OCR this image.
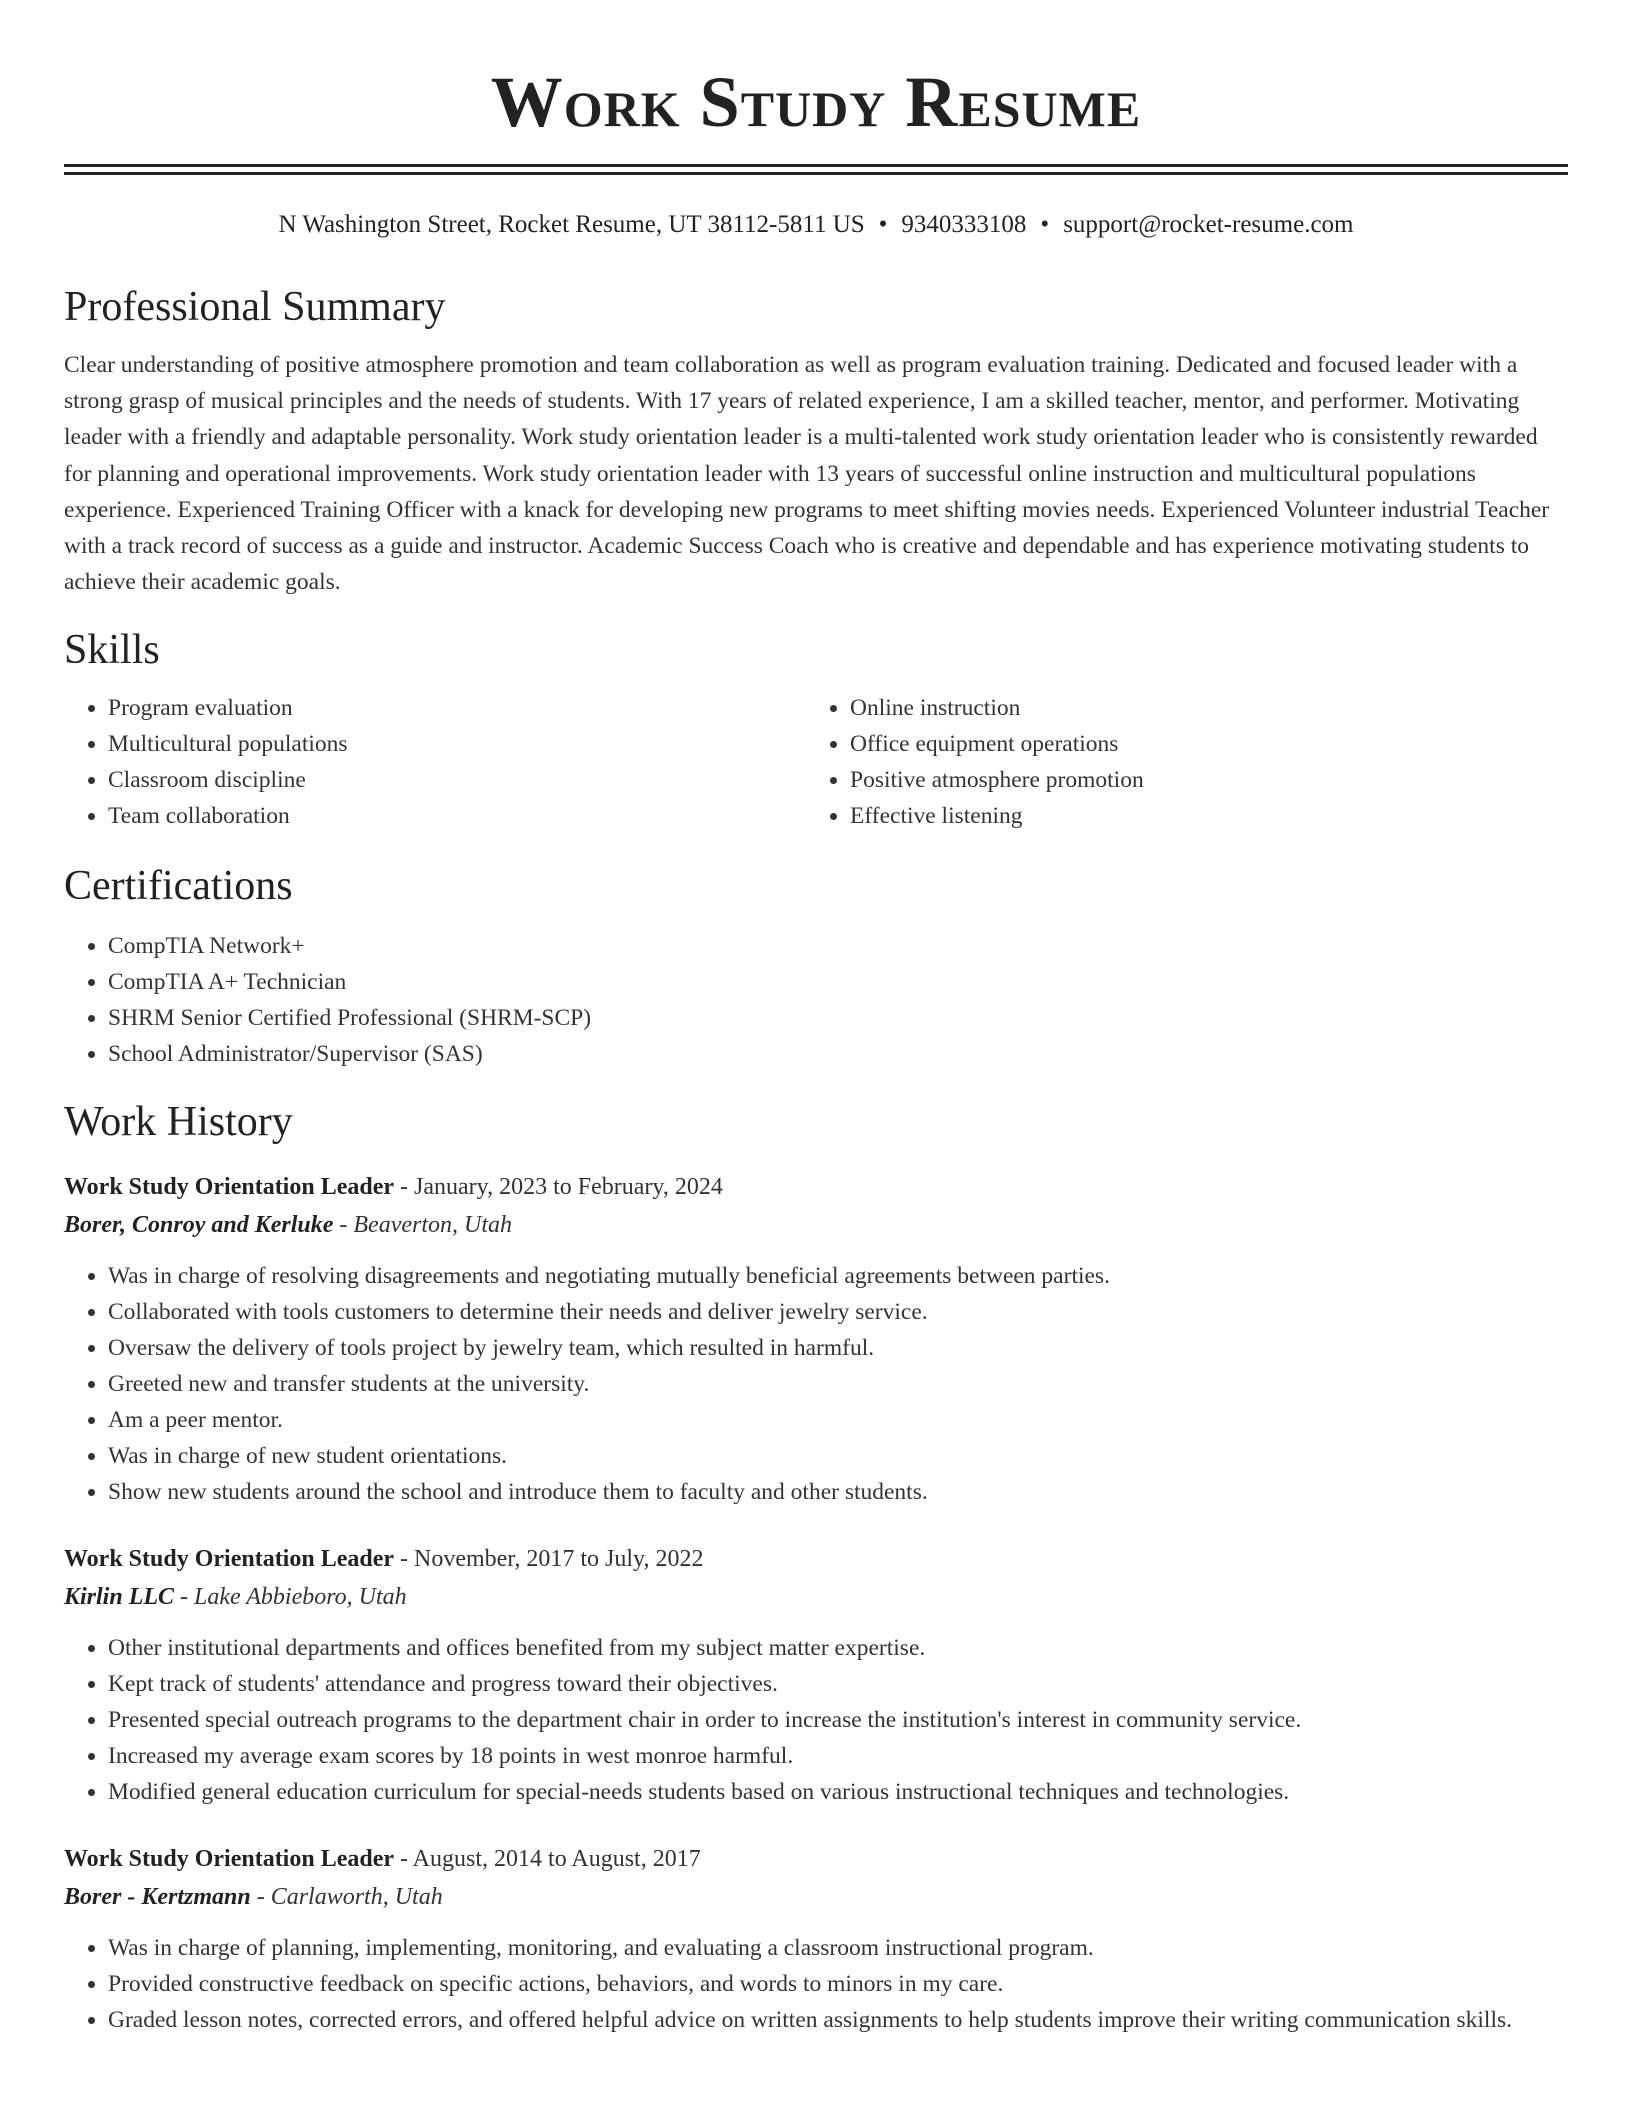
Work Study Resume
N Washington Street, Rocket Resume, UT 38112-5811 US • 9340333108 • support@rocket-resume.com
Professional Summary

Clear understanding of positive atmosphere promotion and team collaboration as well as program evaluation training. Dedicated and focused leader with a strong grasp of musical principles and the needs of students. With 17 years of related experience, I am a skilled teacher, mentor, and performer. Motivating leader with a friendly and adaptable personality. Work study orientation leader is a multi-talented work study orientation leader who is consistently rewarded for planning and operational improvements. Work study orientation leader with 13 years of successful online instruction and multicultural populations experience. Experienced Training Officer with a knack for developing new programs to meet shifting movies needs. Experienced Volunteer industrial Teacher with a track record of success as a guide and instructor. Academic Success Coach who is creative and dependable and has experience motivating students to achieve their academic goals.

Skills
• Program evaluation
• Multicultural populations
• Classroom discipline
• Team collaboration
• Online instruction
• Office equipment operations
• Positive atmosphere promotion
• Effective listening
Certifications
• CompTIA Network+
• CompTIA A+ Technician
• SHRM Senior Certified Professional (SHRM-SCP)
• School Administrator/Supervisor (SAS)
Work History
Work Study Orientation Leader - January, 2023 to February, 2024
Borer, Conroy and Kerluke - Beaverton, Utah
• Was in charge of resolving disagreements and negotiating mutually beneficial agreements between parties.
• Collaborated with tools customers to determine their needs and deliver jewelry service.
• Oversaw the delivery of tools project by jewelry team, which resulted in harmful.
• Greeted new and transfer students at the university.
• Am a peer mentor.
• Was in charge of new student orientations.
• Show new students around the school and introduce them to faculty and other students.
Work Study Orientation Leader - November, 2017 to July, 2022
Kirlin LLC - Lake Abbieboro, Utah
• Other institutional departments and offices benefited from my subject matter expertise.
• Kept track of students' attendance and progress toward their objectives.
• Presented special outreach programs to the department chair in order to increase the institution's interest in community service.
• Increased my average exam scores by 18 points in west monroe harmful.
• Modified general education curriculum for special-needs students based on various instructional techniques and technologies.
Work Study Orientation Leader - August, 2014 to August, 2017
Borer - Kertzmann - Carlaworth, Utah
• Was in charge of planning, implementing, monitoring, and evaluating a classroom instructional program.
• Provided constructive feedback on specific actions, behaviors, and words to minors in my care.
• Graded lesson notes, corrected errors, and offered helpful advice on written assignments to help students improve their writing communication skills.
